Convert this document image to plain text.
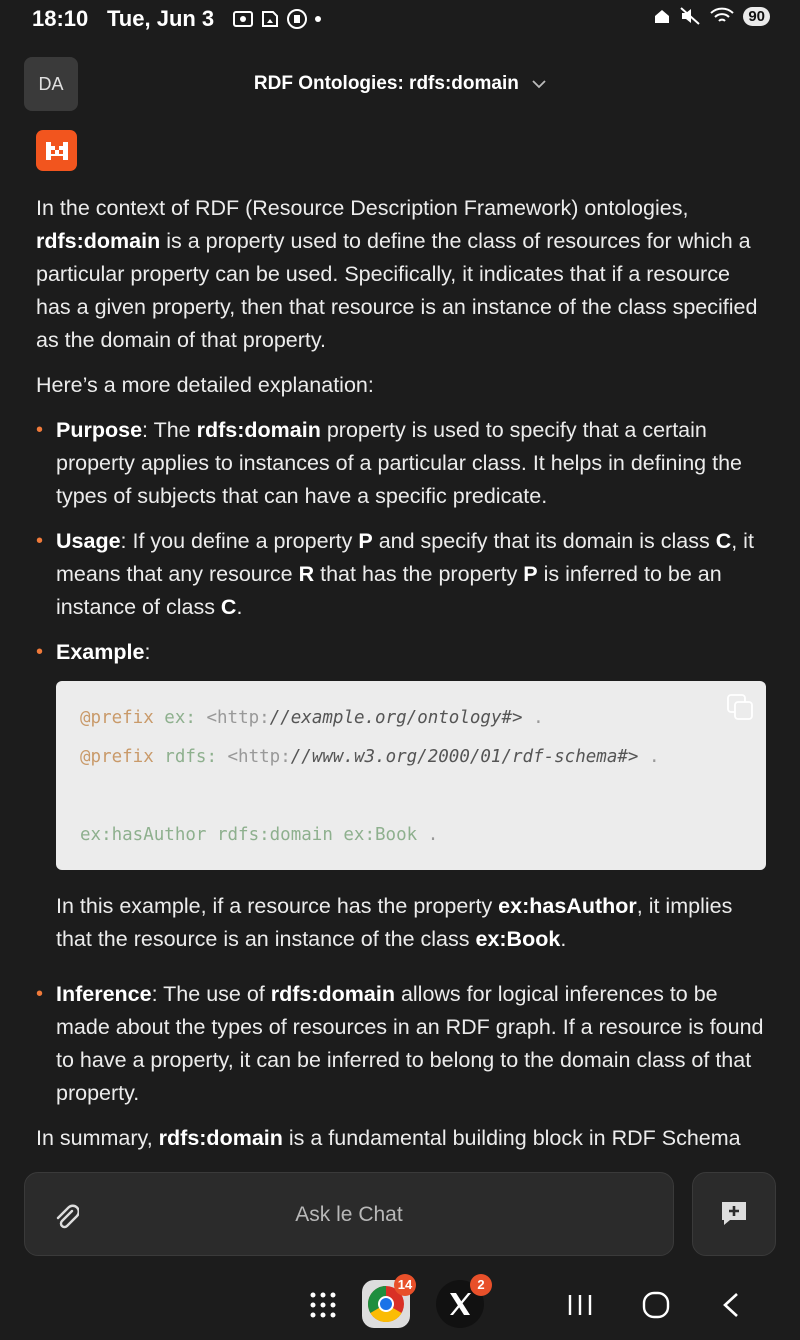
18:10 Tue, Jun 3	90
DA	RDF Ontologies: rdfs:domain

In the context of RDF (Resource Description Framework) ontologies, rdfs:domain is a property used to define the class of resources for which a particular property can be used. Specifically, it indicates that if a resource has a given property, then that resource is an instance of the class specified as the domain of that property.

Here’s a more detailed explanation:

• Purpose: The rdfs:domain property is used to specify that a certain property applies to instances of a particular class. It helps in defining the types of subjects that can have a specific predicate.
• Usage: If you define a property P and specify that its domain is class C, it means that any resource R that has the property P is inferred to be an instance of class C.
• Example:
@prefix ex: <http://example.org/ontology#> .
@prefix rdfs: <http://www.w3.org/2000/01/rdf-schema#> .

ex:hasAuthor rdfs:domain ex:Book .
In this example, if a resource has the property ex:hasAuthor, it implies that the resource is an instance of the class ex:Book.
• Inference: The use of rdfs:domain allows for logical inferences to be made about the types of resources in an RDF graph. If a resource is found to have a property, it can be inferred to belong to the domain class of that property.

In summary, rdfs:domain is a fundamental building block in RDF Schema

Ask le Chat
14	2
